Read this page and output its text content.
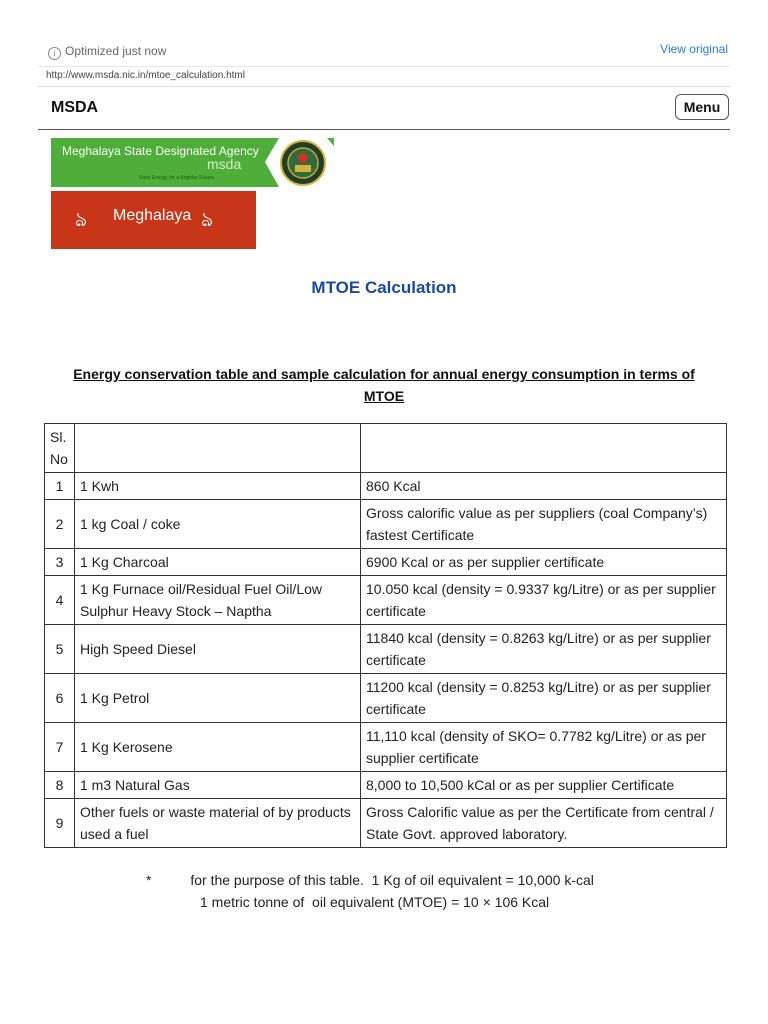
i Optimized just now	View original
http://www.msda.nic.in/mtoe_calculation.html
MSDA	Menu
Meghalaya State Designated Agency
msda
Save Energy for a Brighter Future
ঌ Meghalaya ঌ
MTOE Calculation
Energy conservation table and sample calculation for annual energy consumption in terms of MTOE
Sl. No		
1	1 Kwh	860 Kcal
2	1 kg Coal / coke	Gross calorific value as per suppliers (coal Company’s) fastest Certificate
3	1 Kg Charcoal	6900 Kcal or as per supplier certificate
4	1 Kg Furnace oil/Residual Fuel Oil/Low Sulphur Heavy Stock – Naptha	10.050 kcal (density = 0.9337 kg/Litre) or as per supplier certificate
5	High Speed Diesel	11840 kcal (density = 0.8263 kg/Litre) or as per supplier certificate
6	1 Kg Petrol	11200 kcal (density = 0.8253 kg/Litre) or as per supplier certificate
7	1 Kg Kerosene	11,110 kcal (density of SKO= 0.7782 kg/Litre) or as per supplier certificate
8	1 m3 Natural Gas	8,000 to 10,500 kCal or as per supplier Certificate
9	Other fuels or waste material of by products used a fuel	Gross Calorific value as per the Certificate from central / State Govt. approved laboratory.
*          for the purpose of this table.  1 Kg of oil equivalent = 10,000 k-cal
1 metric tonne of  oil equivalent (MTOE) = 10 × 106 Kcal
